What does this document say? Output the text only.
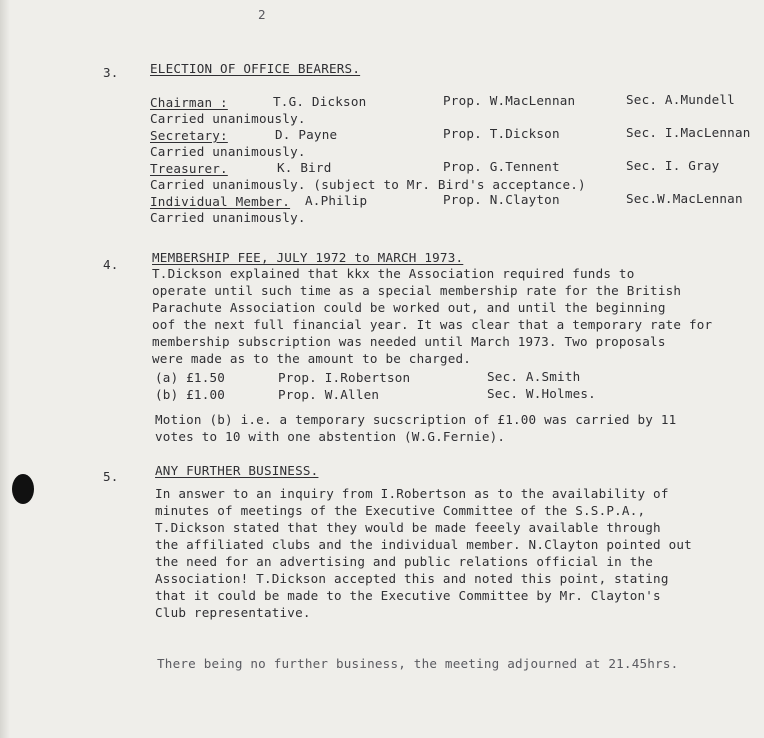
2
3. ELECTION OF OFFICE BEARERS.
Chairman :	T.G. Dickson	Prop. W.MacLennan	Sec. A.Mundell
Carried unanimously.
Secretary:	D. Payne	Prop. T.Dickson	Sec. I.MacLennan
Carried unanimously.
Treasurer.	K. Bird	Prop. G.Tennent	Sec. I. Gray
Carried unanimously. (subject to Mr. Bird's acceptance.)
Individual Member. A.Philip	Prop. N.Clayton	Sec.W.MacLennan
Carried unanimously.
4.	MEMBERSHIP FEE, JULY 1972 to MARCH 1973.
T.Dickson explained that kkx the Association required funds to
operate until such time as a special membership rate for the British
Parachute Association could be worked out, and until the beginning
oof the next full financial year. It was clear that a temporary rate for
membership subscription was needed until March 1973. Two proposals
were made as to the amount to be charged.
(a) £1.50	Prop. I.Robertson	Sec. A.Smith
(b) £1.00	Prop. W.Allen	Sec. W.Holmes.
Motion (b) i.e. a temporary sucscription of £1.00 was carried by 11
votes to 10 with one abstention (W.G.Fernie).
5.	ANY FURTHER BUSINESS.
In answer to an inquiry from I.Robertson as to the availability of
minutes of meetings of the Executive Committee of the S.S.P.A.,
T.Dickson stated that they would be made feeely available through
the affiliated clubs and the individual member. N.Clayton pointed out
the need for an advertising and public relations official in the
Association! T.Dickson accepted this and noted this point, stating
that it could be made to the Executive Committee by Mr. Clayton's
Club representative.
There being no further business, the meeting adjourned at 21.45hrs.
